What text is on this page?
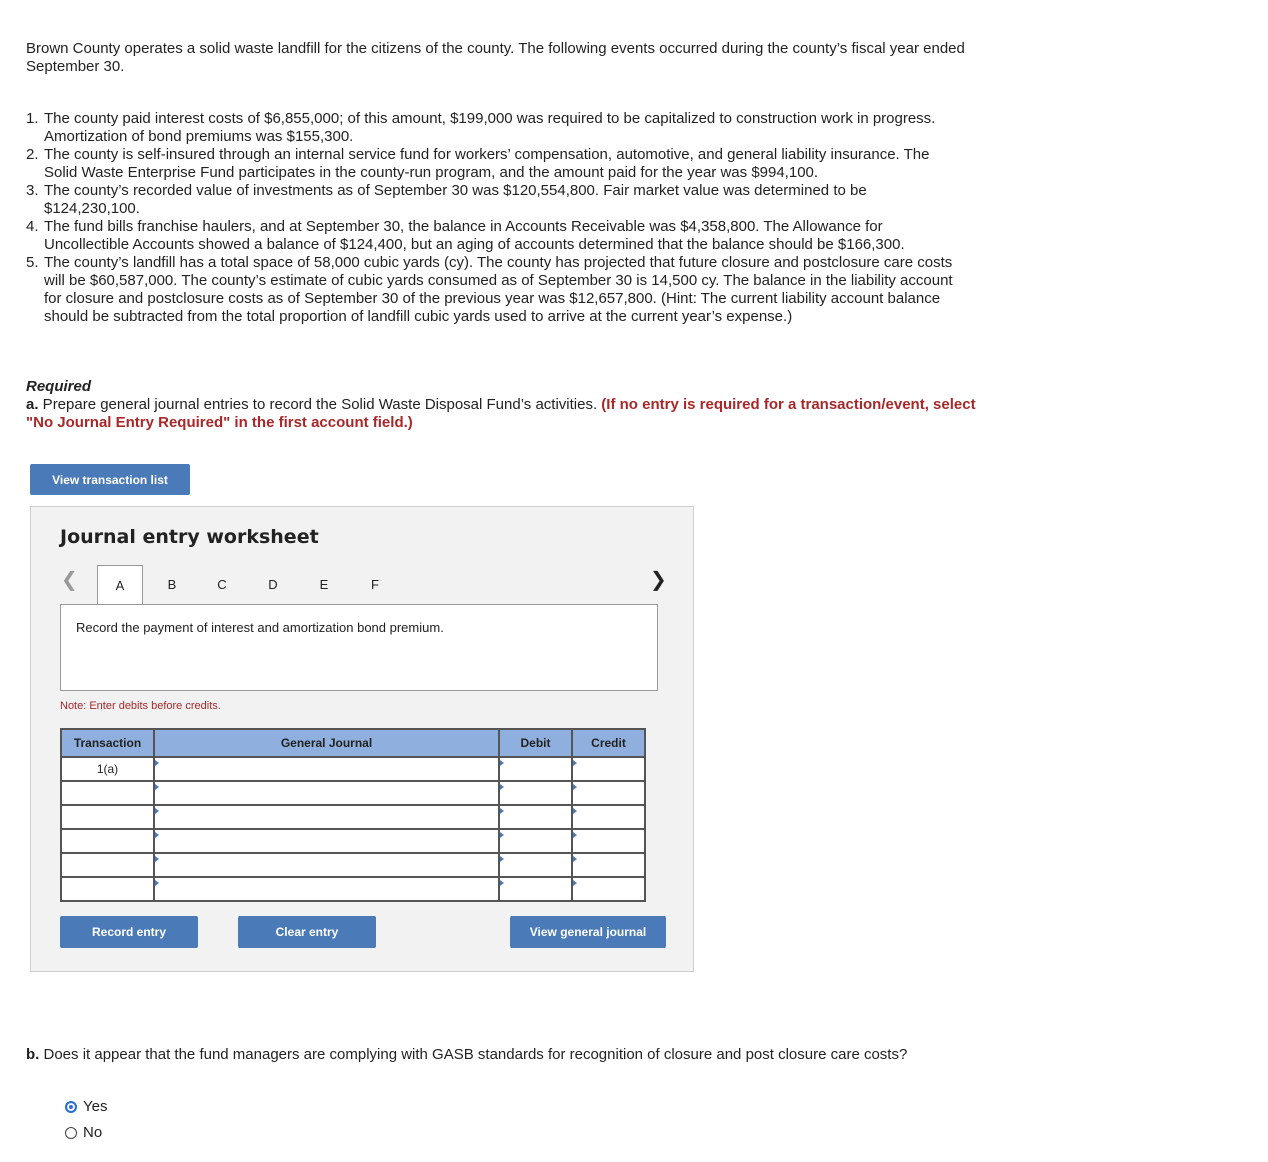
Brown County operates a solid waste landfill for the citizens of the county. The following events occurred during the county’s fiscal year ended September 30.
1. The county paid interest costs of $6,855,000; of this amount, $199,000 was required to be capitalized to construction work in progress. Amortization of bond premiums was $155,300.
2. The county is self-insured through an internal service fund for workers’ compensation, automotive, and general liability insurance. The Solid Waste Enterprise Fund participates in the county-run program, and the amount paid for the year was $994,100.
3. The county’s recorded value of investments as of September 30 was $120,554,800. Fair market value was determined to be $124,230,100.
4. The fund bills franchise haulers, and at September 30, the balance in Accounts Receivable was $4,358,800. The Allowance for Uncollectible Accounts showed a balance of $124,400, but an aging of accounts determined that the balance should be $166,300.
5. The county’s landfill has a total space of 58,000 cubic yards (cy). The county has projected that future closure and postclosure care costs will be $60,587,000. The county’s estimate of cubic yards consumed as of September 30 is 14,500 cy. The balance in the liability account for closure and postclosure costs as of September 30 of the previous year was $12,657,800. (Hint: The current liability account balance should be subtracted from the total proportion of landfill cubic yards used to arrive at the current year’s expense.)
Required
a. Prepare general journal entries to record the Solid Waste Disposal Fund’s activities. (If no entry is required for a transaction/event, select "No Journal Entry Required" in the first account field.)
View transaction list
Journal entry worksheet
❮	A	B	C	D	E	F	❯
Record the payment of interest and amortization bond premium.
Note: Enter debits before credits.
Transaction	General Journal	Debit	Credit
1(a)			

Record entry	Clear entry	View general journal
b. Does it appear that the fund managers are complying with GASB standards for recognition of closure and post closure care costs?
Yes
No
